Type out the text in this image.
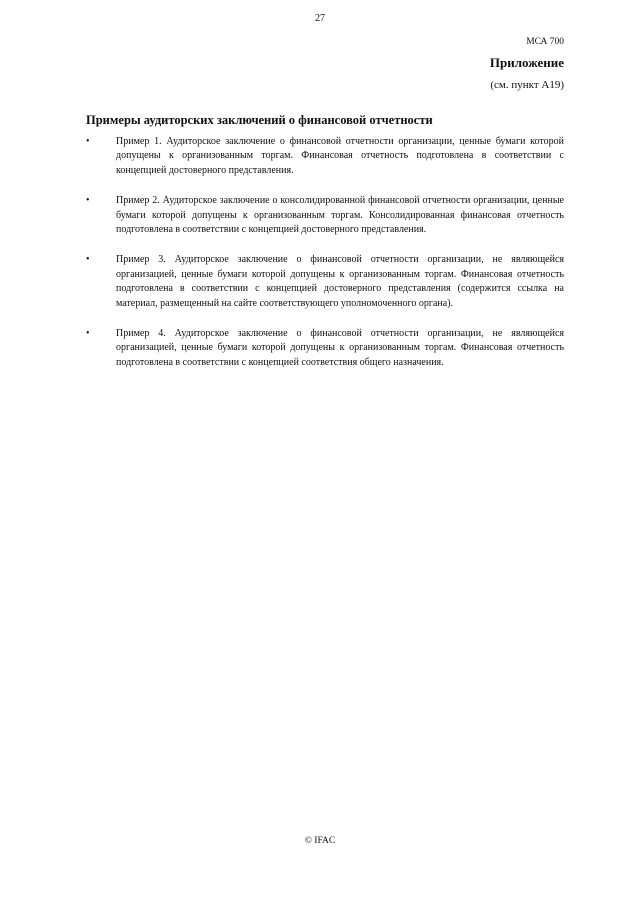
27
МСА 700
Приложение
(см. пункт А19)
Примеры аудиторских заключений о финансовой отчетности
•	Пример 1. Аудиторское заключение о финансовой отчетности организации, ценные бумаги которой допущены к организованным торгам. Финансовая отчетность подготовлена в соответствии с концепцией достоверного представления.
•	Пример 2. Аудиторское заключение о консолидированной финансовой отчетности организации, ценные бумаги которой допущены к организованным торгам. Консолидированная финансовая отчетность подготовлена в соответствии с концепцией достоверного представления.
•	Пример 3. Аудиторское заключение о финансовой отчетности организации, не являющейся организацией, ценные бумаги которой допущены к организованным торгам. Финансовая отчетность подготовлена в соответствии с концепцией достоверного представления (содержится ссылка на материал, размещенный на сайте соответствующего уполномоченного органа).
•	Пример 4. Аудиторское заключение о финансовой отчетности организации, не являющейся организацией, ценные бумаги которой допущены к организованным торгам. Финансовая отчетность подготовлена в соответствии с концепцией соответствия общего назначения.
© IFAC
